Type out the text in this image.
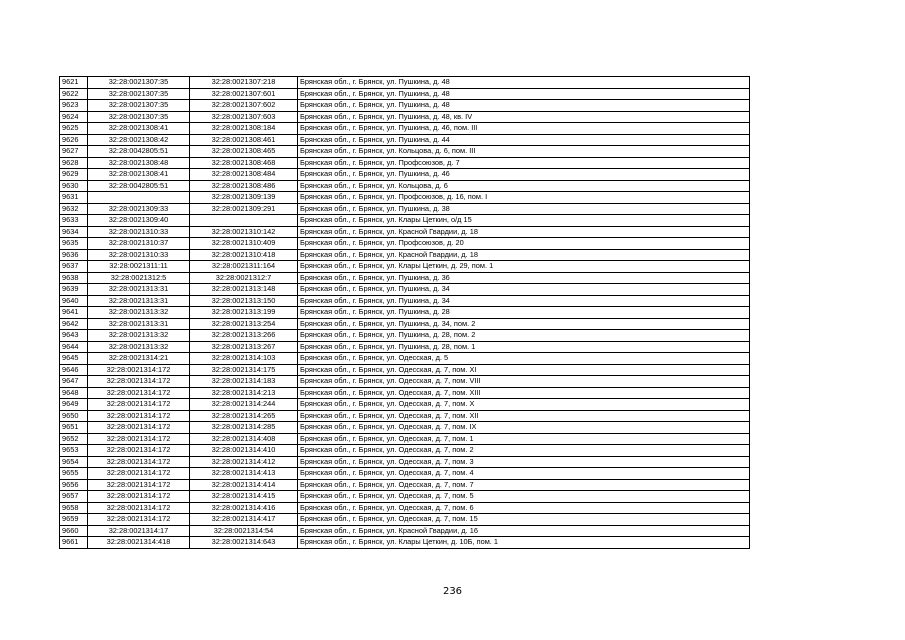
9621	32:28:0021307:35	32:28:0021307:218	Брянская обл., г. Брянск, ул. Пушкина, д. 48
9622	32:28:0021307:35	32:28:0021307:601	Брянская обл., г. Брянск, ул. Пушкина, д. 48
9623	32:28:0021307:35	32:28:0021307:602	Брянская обл., г. Брянск, ул. Пушкина, д. 48
9624	32:28:0021307:35	32:28:0021307:603	Брянская обл., г. Брянск, ул. Пушкина, д. 48, кв. IV
9625	32:28:0021308:41	32:28:0021308:184	Брянская обл., г. Брянск, ул. Пушкина, д. 46, пом. III
9626	32:28:0021308:42	32:28:0021308:461	Брянская обл., г. Брянск, ул. Пушкина, д. 44
9627	32:28:0042805:51	32:28:0021308:465	Брянская обл., г. Брянск, ул. Кольцова, д. 6, пом. III
9628	32:28:0021308:48	32:28:0021308:468	Брянская обл., г. Брянск, ул. Профсоюзов, д. 7
9629	32:28:0021308:41	32:28:0021308:484	Брянская обл., г. Брянск, ул. Пушкина, д. 46
9630	32:28:0042805:51	32:28:0021308:486	Брянская обл., г. Брянск, ул. Кольцова, д. 6
9631		32:28:0021309:139	Брянская обл., г. Брянск, ул. Профсоюзов, д. 16, пом. I
9632	32:28:0021309:33	32:28:0021309:291	Брянская обл., г. Брянск, ул. Пушкина, д. 38
9633	32:28:0021309:40		Брянская обл., г. Брянск, ул. Клары Цеткин, о/д 15
9634	32:28:0021310:33	32:28:0021310:142	Брянская обл., г. Брянск, ул. Красной Гвардии, д. 18
9635	32:28:0021310:37	32:28:0021310:409	Брянская обл., г. Брянск, ул. Профсоюзов, д. 20
9636	32:28:0021310:33	32:28:0021310:418	Брянская обл., г. Брянск, ул. Красной Гвардии, д. 18
9637	32:28:0021311:11	32:28:0021311:164	Брянская обл., г. Брянск, ул. Клары Цеткин, д. 29, пом. 1
9638	32:28:0021312:5	32:28:0021312:7	Брянская обл., г. Брянск, ул. Пушкина, д. 36
9639	32:28:0021313:31	32:28:0021313:148	Брянская обл., г. Брянск, ул. Пушкина, д. 34
9640	32:28:0021313:31	32:28:0021313:150	Брянская обл., г. Брянск, ул. Пушкина, д. 34
9641	32:28:0021313:32	32:28:0021313:199	Брянская обл., г. Брянск, ул. Пушкина, д. 28
9642	32:28:0021313:31	32:28:0021313:254	Брянская обл., г. Брянск, ул. Пушкина, д. 34, пом. 2
9643	32:28:0021313:32	32:28:0021313:266	Брянская обл., г. Брянск, ул. Пушкина, д. 28, пом. 2
9644	32:28:0021313:32	32:28:0021313:267	Брянская обл., г. Брянск, ул. Пушкина, д. 28, пом. 1
9645	32:28:0021314:21	32:28:0021314:103	Брянская обл., г. Брянск, ул. Одесская, д. 5
9646	32:28:0021314:172	32:28:0021314:175	Брянская обл., г. Брянск, ул. Одесская, д. 7, пом. XI
9647	32:28:0021314:172	32:28:0021314:183	Брянская обл., г. Брянск, ул. Одесская, д. 7, пом. VIII
9648	32:28:0021314:172	32:28:0021314:213	Брянская обл., г. Брянск, ул. Одесская, д. 7, пом. XIII
9649	32:28:0021314:172	32:28:0021314:244	Брянская обл., г. Брянск, ул. Одесская, д. 7, пом. X
9650	32:28:0021314:172	32:28:0021314:265	Брянская обл., г. Брянск, ул. Одесская, д. 7, пом. XII
9651	32:28:0021314:172	32:28:0021314:285	Брянская обл., г. Брянск, ул. Одесская, д. 7, пом. IX
9652	32:28:0021314:172	32:28:0021314:408	Брянская обл., г. Брянск, ул. Одесская, д. 7, пом. 1
9653	32:28:0021314:172	32:28:0021314:410	Брянская обл., г. Брянск, ул. Одесская, д. 7, пом. 2
9654	32:28:0021314:172	32:28:0021314:412	Брянская обл., г. Брянск, ул. Одесская, д. 7, пом. 3
9655	32:28:0021314:172	32:28:0021314:413	Брянская обл., г. Брянск, ул. Одесская, д. 7, пом. 4
9656	32:28:0021314:172	32:28:0021314:414	Брянская обл., г. Брянск, ул. Одесская, д. 7, пом. 7
9657	32:28:0021314:172	32:28:0021314:415	Брянская обл., г. Брянск, ул. Одесская, д. 7, пом. 5
9658	32:28:0021314:172	32:28:0021314:416	Брянская обл., г. Брянск, ул. Одесская, д. 7, пом. 6
9659	32:28:0021314:172	32:28:0021314:417	Брянская обл., г. Брянск, ул. Одесская, д. 7, пом. 15
9660	32:28:0021314:17	32:28:0021314:54	Брянская обл., г. Брянск, ул. Красной Гвардии, д. 16
9661	32:28:0021314:418	32:28:0021314:643	Брянская обл., г. Брянск, ул. Клары Цеткин, д. 10Б, пом. 1
236
